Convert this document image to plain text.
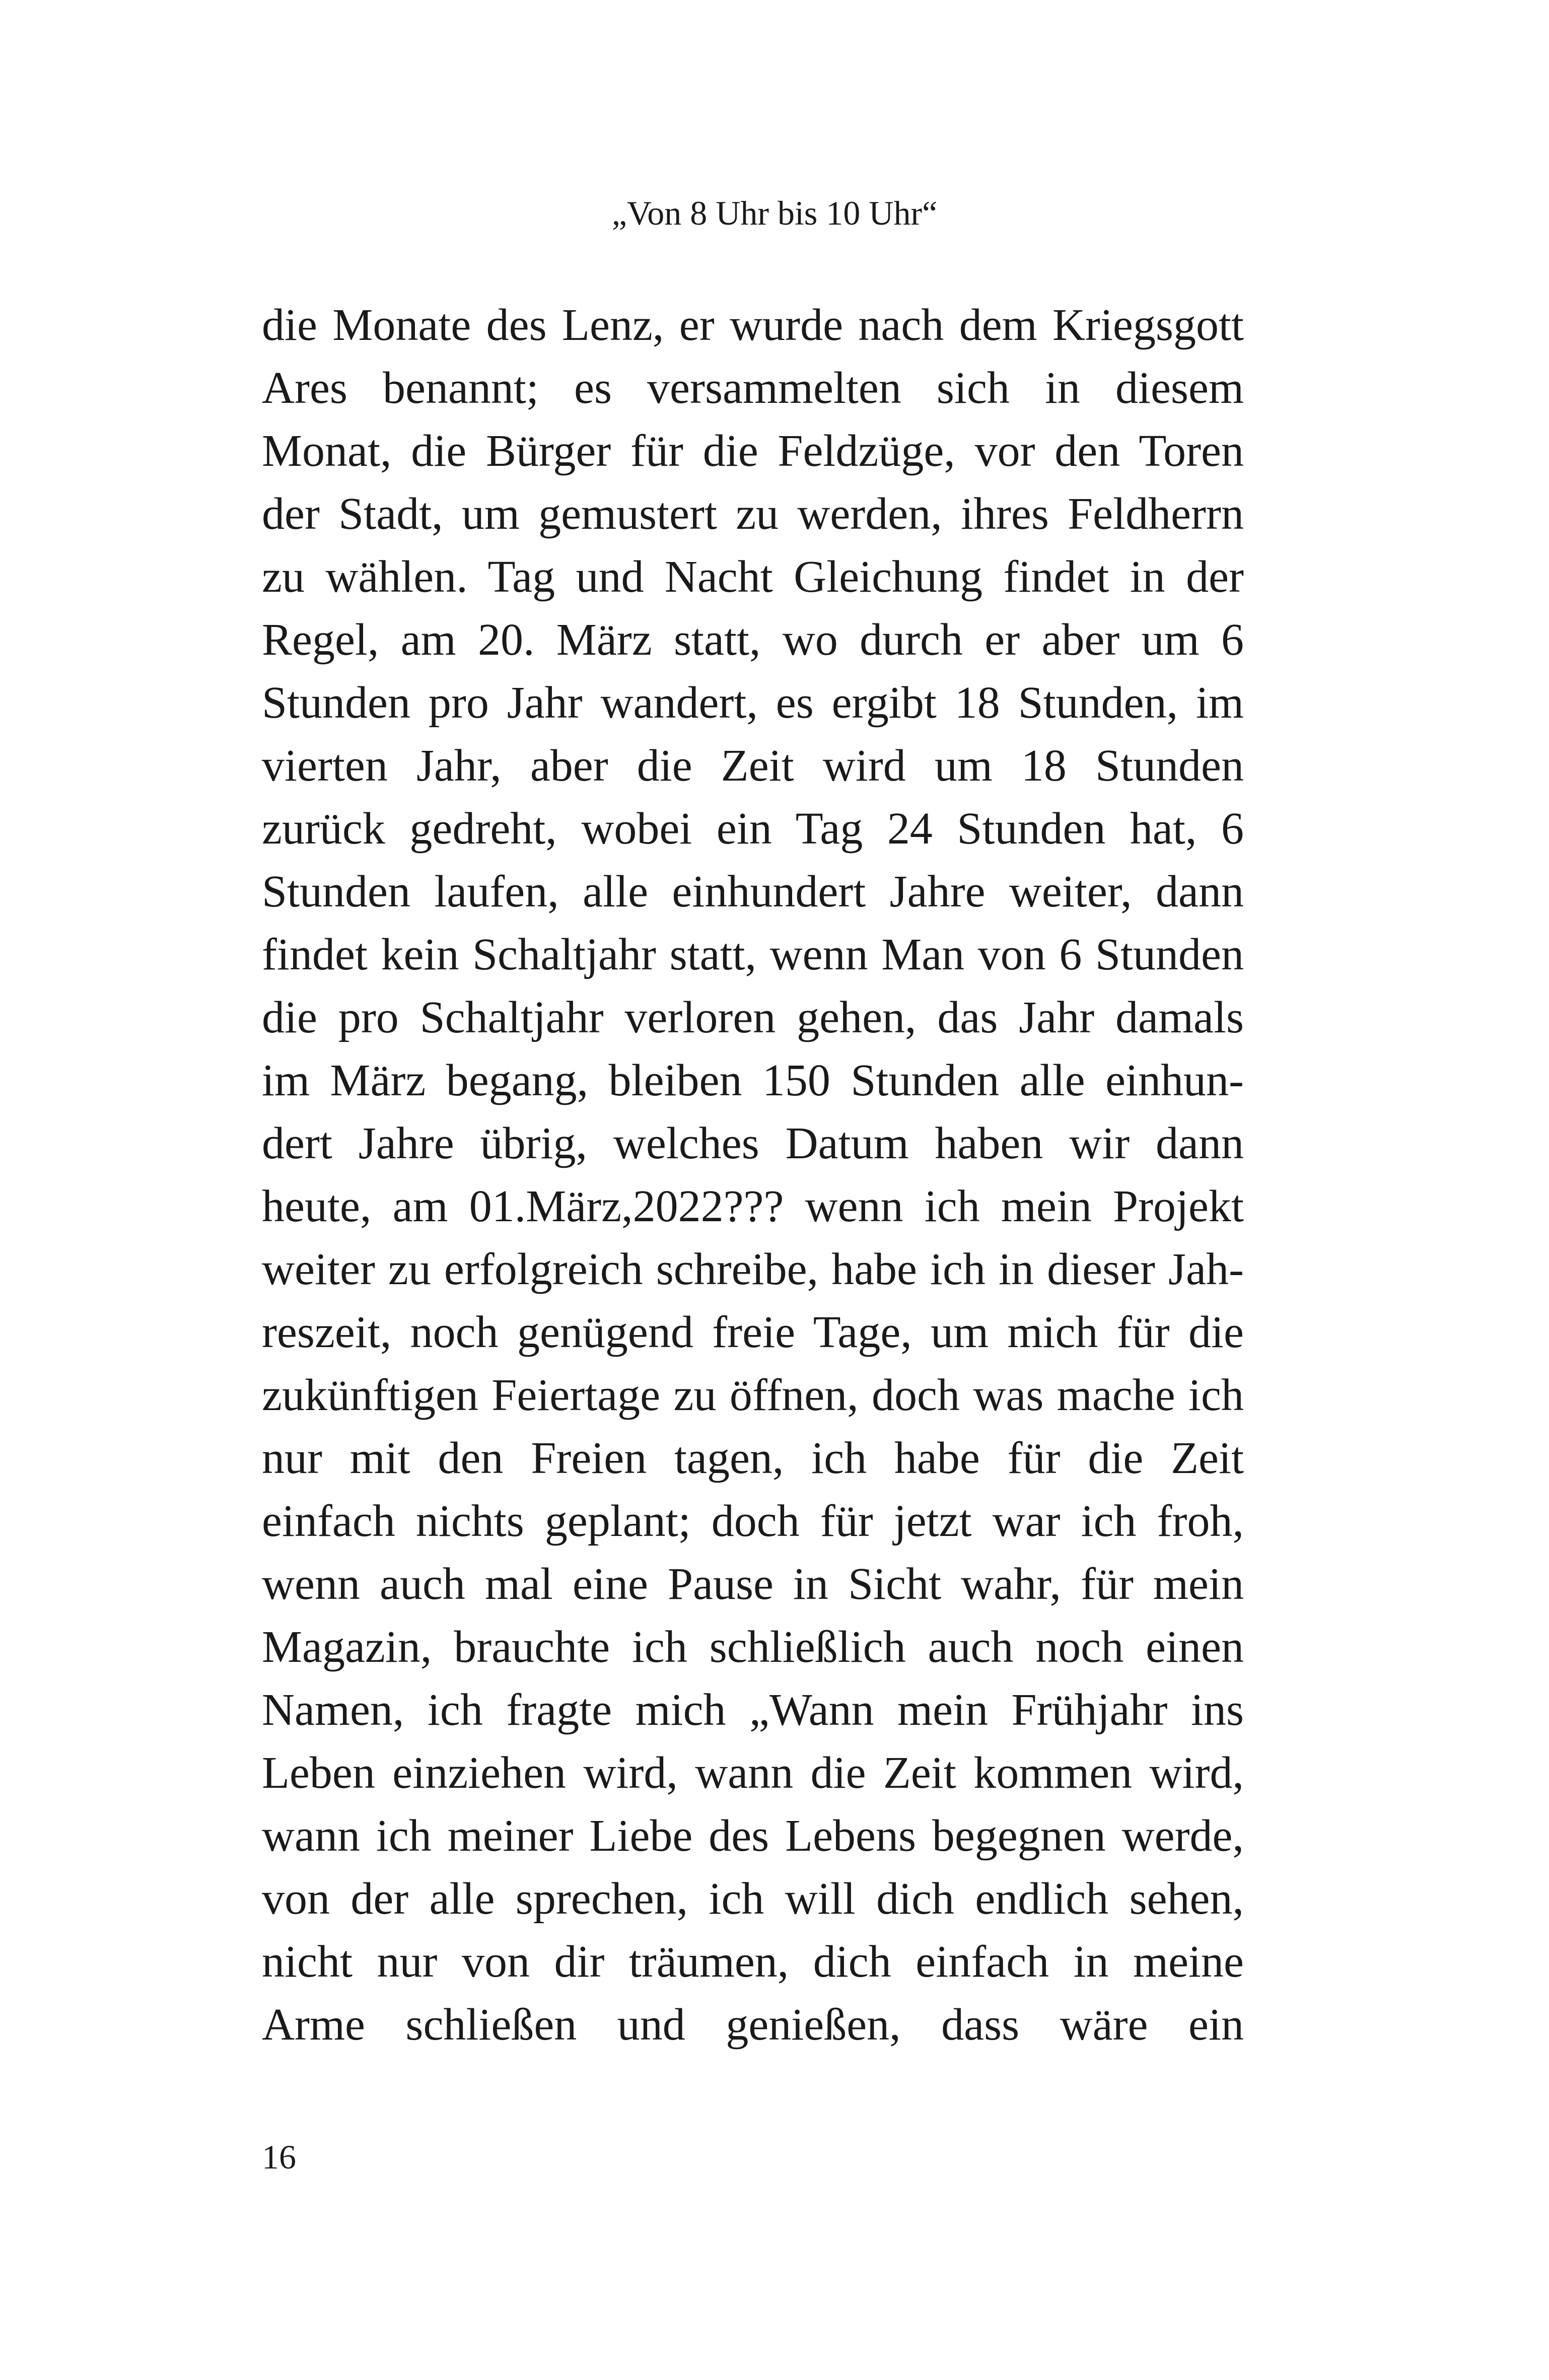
„Von 8 Uhr bis 10 Uhr“
die Monate des Lenz, er wurde nach dem Kriegsgott
Ares benannt; es versammelten sich in diesem
Monat, die Bürger für die Feldzüge, vor den Toren
der Stadt, um gemustert zu werden, ihres Feldherrn
zu wählen. Tag und Nacht Gleichung findet in der
Regel, am 20. März statt, wo durch er aber um 6
Stunden pro Jahr wandert, es ergibt 18 Stunden, im
vierten Jahr, aber die Zeit wird um 18 Stunden
zurück gedreht, wobei ein Tag 24 Stunden hat, 6
Stunden laufen, alle einhundert Jahre weiter, dann
findet kein Schaltjahr statt, wenn Man von 6 Stunden
die pro Schaltjahr verloren gehen, das Jahr damals
im März begang, bleiben 150 Stunden alle einhun-
dert Jahre übrig, welches Datum haben wir dann
heute, am 01.März,2022??? wenn ich mein Projekt
weiter zu erfolgreich schreibe, habe ich in dieser Jah-
reszeit, noch genügend freie Tage, um mich für die
zukünftigen Feiertage zu öffnen, doch was mache ich
nur mit den Freien tagen, ich habe für die Zeit
einfach nichts geplant; doch für jetzt war ich froh,
wenn auch mal eine Pause in Sicht wahr, für mein
Magazin, brauchte ich schließlich auch noch einen
Namen, ich fragte mich „Wann mein Frühjahr ins
Leben einziehen wird, wann die Zeit kommen wird,
wann ich meiner Liebe des Lebens begegnen werde,
von der alle sprechen, ich will dich endlich sehen,
nicht nur von dir träumen, dich einfach in meine
Arme schließen und genießen, dass wäre ein
16
